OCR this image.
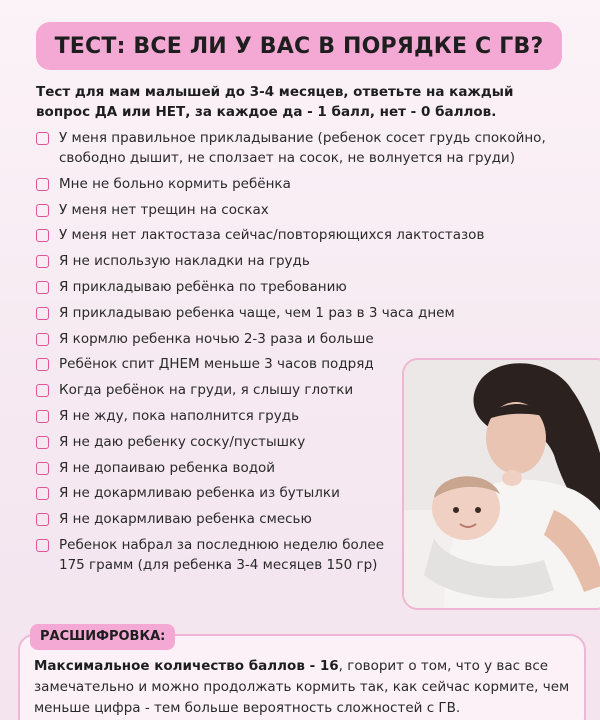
ТЕСТ: ВСЕ ЛИ У ВАС В ПОРЯДКЕ С ГВ?
Тест для мам малышей до 3-4 месяцев, ответьте на каждый вопрос ДА или НЕТ, за каждое да - 1 балл, нет - 0 баллов.
У меня правильное прикладывание (ребенок сосет грудь спокойно, свободно дышит, не сползает на сосок, не волнуется на груди)
Мне не больно кормить ребёнка
У меня нет трещин на сосках
У меня нет лактостаза сейчас/повторяющихся лактостазов
Я не использую накладки на грудь
Я прикладываю ребёнка по требованию
Я прикладываю ребенка чаще, чем 1 раз в 3 часа днем
Я кормлю ребенка ночью 2-3 раза и больше
Ребёнок спит ДНЕМ меньше 3 часов подряд
Когда ребёнок на груди, я слышу глотки
Я не жду, пока наполнится грудь
Я не даю ребенку соску/пустышку
Я не допаиваю ребенка водой
Я не докармливаю ребенка из бутылки
Я не докармливаю ребенка смесью
Ребенок набрал за последнюю неделю более 175 грамм (для ребенка 3-4 месяцев 150 гр)
РАСШИФРОВКА:
Максимальное количество баллов - 16, говорит о том, что у вас все замечательно и можно продолжать кормить так, как сейчас кормите, чем меньше цифра - тем больше вероятность сложностей с ГВ.
